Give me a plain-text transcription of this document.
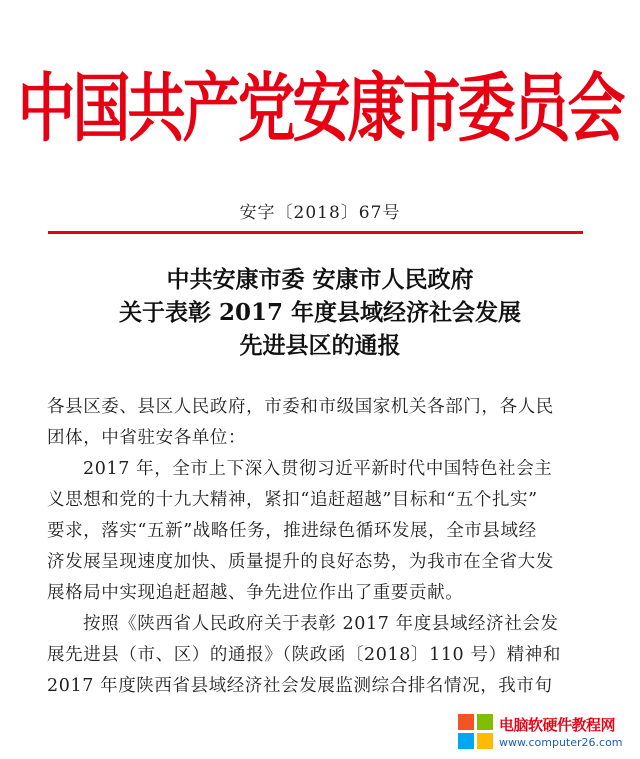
中国共产党安康市委员会
安字〔2018〕67号
中共安康市委 安康市人民政府
关于表彰 2017 年度县域经济社会发展
先进县区的通报
各县区委、县区人民政府，市委和市级国家机关各部门，各人民
团体，中省驻安各单位：
2017 年，全市上下深入贯彻习近平新时代中国特色社会主
义思想和党的十九大精神，紧扣“追赶超越”目标和“五个扎实”
要求，落实“五新”战略任务，推进绿色循环发展，全市县域经
济发展呈现速度加快、质量提升的良好态势，为我市在全省大发
展格局中实现追赶超越、争先进位作出了重要贡献。
按照《陕西省人民政府关于表彰 2017 年度县域经济社会发
展先进县（市、区）的通报》（陕政函〔2018〕110 号）精神和
2017 年度陕西省县域经济社会发展监测综合排名情况，我市旬
电脑软硬件教程网
www.computer26.com
